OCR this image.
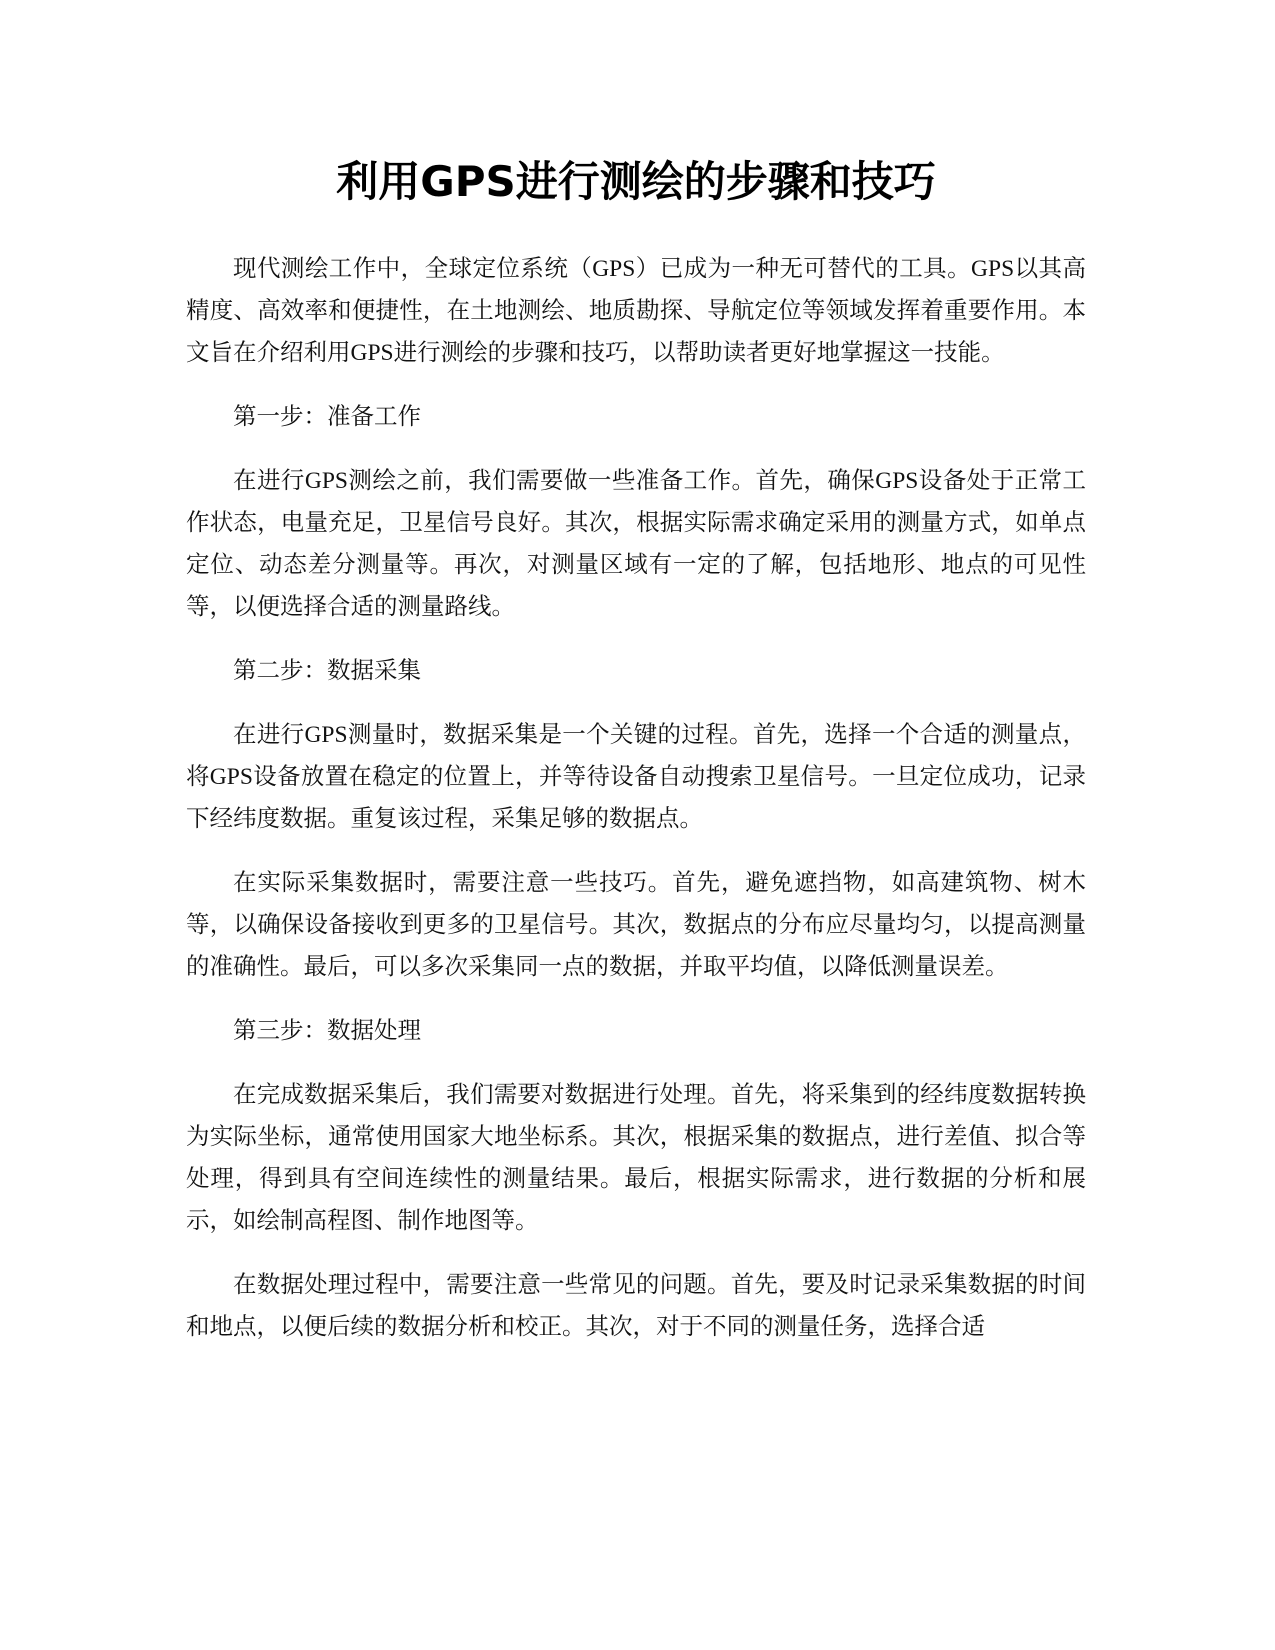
利用GPS进行测绘的步骤和技巧

现代测绘工作中，全球定位系统（GPS）已成为一种无可替代的工具。GPS以其高精度、高效率和便捷性，在土地测绘、地质勘探、导航定位等领域发挥着重要作用。本文旨在介绍利用GPS进行测绘的步骤和技巧，以帮助读者更好地掌握这一技能。

第一步：准备工作

在进行GPS测绘之前，我们需要做一些准备工作。首先，确保GPS设备处于正常工作状态，电量充足，卫星信号良好。其次，根据实际需求确定采用的测量方式，如单点定位、动态差分测量等。再次，对测量区域有一定的了解，包括地形、地点的可见性等，以便选择合适的测量路线。

第二步：数据采集

在进行GPS测量时，数据采集是一个关键的过程。首先，选择一个合适的测量点，将GPS设备放置在稳定的位置上，并等待设备自动搜索卫星信号。一旦定位成功，记录下经纬度数据。重复该过程，采集足够的数据点。

在实际采集数据时，需要注意一些技巧。首先，避免遮挡物，如高建筑物、树木等，以确保设备接收到更多的卫星信号。其次，数据点的分布应尽量均匀，以提高测量的准确性。最后，可以多次采集同一点的数据，并取平均值，以降低测量误差。

第三步：数据处理

在完成数据采集后，我们需要对数据进行处理。首先，将采集到的经纬度数据转换为实际坐标，通常使用国家大地坐标系。其次，根据采集的数据点，进行差值、拟合等处理，得到具有空间连续性的测量结果。最后，根据实际需求，进行数据的分析和展示，如绘制高程图、制作地图等。

在数据处理过程中，需要注意一些常见的问题。首先，要及时记录采集数据的时间和地点，以便后续的数据分析和校正。其次，对于不同的测量任务，选择合适
